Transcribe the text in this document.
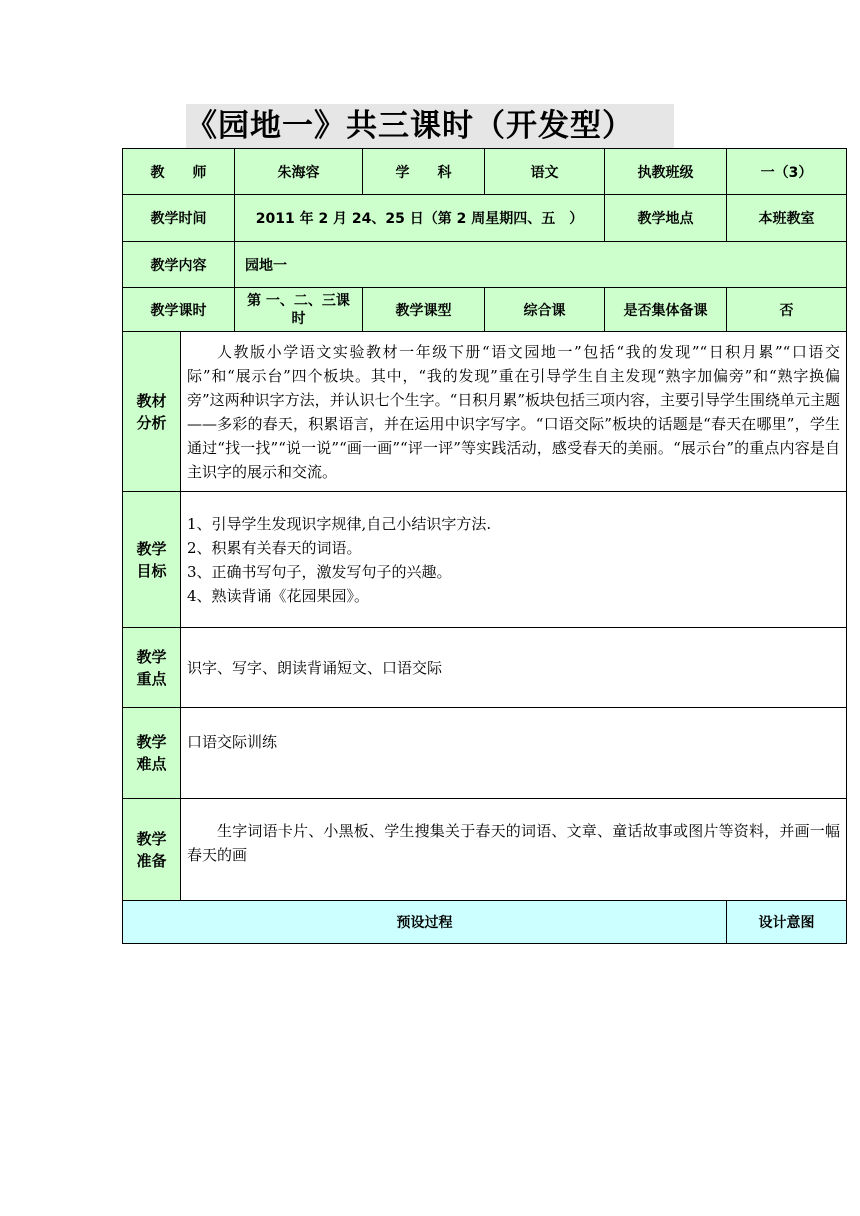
《园地一》共三课时（开发型）
教　　师		朱海容	学　　科	语文	执教班级	一（3）
教学时间		2011 年 2 月 24、25 日（第 2 周星期四、五　）			教学地点	本班教室
教学内容		园地一				
教学课时		第 一、二、三课时	教学课型	综合课	是否集体备课	否
教材分析	人教版小学语文实验教材一年级下册“语文园地一”包括“我的发现”“日积月累”“口语交际”和“展示台”四个板块。其中，“我的发现”重在引导学生自主发现“熟字加偏旁”和“熟字换偏旁”这两种识字方法，并认识七个生字。“日积月累”板块包括三项内容，主要引导学生围绕单元主题——多彩的春天，积累语言，并在运用中识字写字。“口语交际”板块的话题是“春天在哪里”，学生通过“找一找”“说一说”“画一画”“评一评”等实践活动，感受春天的美丽。“展示台”的重点内容是自主识字的展示和交流。					
教学目标	1、引导学生发现识字规律,自己小结识字方法.
2、积累有关春天的词语。
3、正确书写句子，激发写句子的兴趣。
4、熟读背诵《花园果园》。					

教学重点	识字、写字、朗读背诵短文、口语交际					
教学难点	口语交际训练					
教学准备	生字词语卡片、小黑板、学生搜集关于春天的词语、文章、童话故事或图片等资料，并画一幅春天的画					
预设过程						设计意图
